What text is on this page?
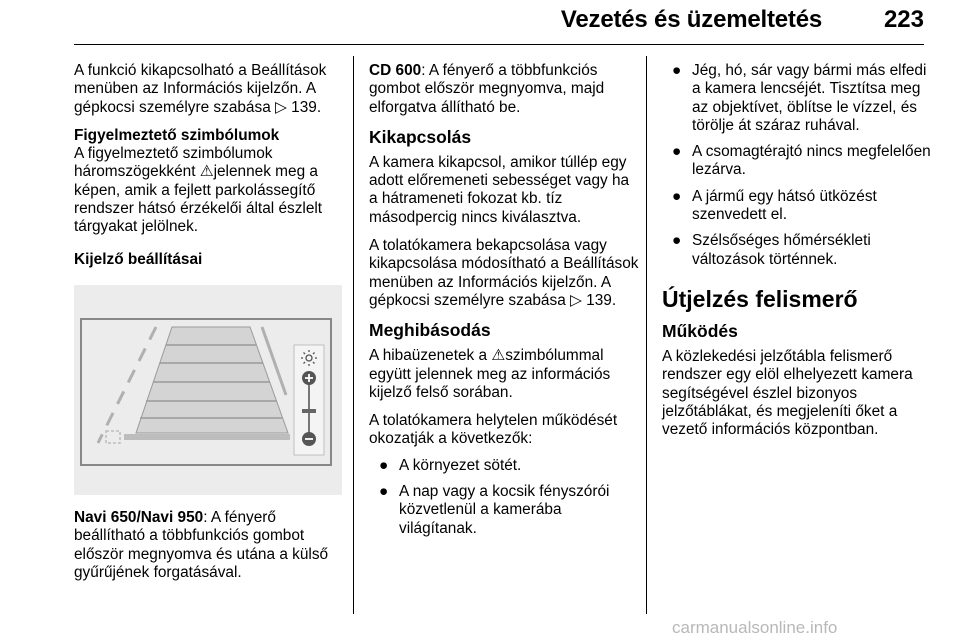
Vezetés és üzemeltetés	223

A funkció kikapcsolható a Beállítások menüben az Információs kijelzőn. A gépkocsi személyre szabása ▷ 139.

Figyelmeztető szimbólumok

A figyelmeztető szimbólumok háromszögekként ⚠jelennek meg a képen, amik a fejlett parkolássegítő rendszer hátsó érzékelői által észlelt tárgyakat jelölnek.

Kijelző beállításai

Navi 650/Navi 950: A fényerő beállítható a többfunkciós gombot először megnyomva és utána a külső gyűrűjének forgatásával.

CD 600: A fényerő a többfunkciós gombot először megnyomva, majd elforgatva állítható be.

Kikapcsolás

A kamera kikapcsol, amikor túllép egy adott előremeneti sebességet vagy ha a hátrameneti fokozat kb. tíz másodpercig nincs kiválasztva.

A tolatókamera bekapcsolása vagy kikapcsolása módosítható a Beállítások menüben az Információs kijelzőn. A gépkocsi személyre szabása ▷ 139.

Meghibásodás

A hibaüzenetek a ⚠szimbólummal együtt jelennek meg az információs kijelző felső sorában.

A tolatókamera helytelen működését okozatják a következők:

● A környezet sötét.
● A nap vagy a kocsik fényszórói közvetlenül a kamerába világítanak.
● Jég, hó, sár vagy bármi más elfedi a kamera lencséjét. Tisztítsa meg az objektívet, öblítse le vízzel, és törölje át száraz ruhával.
● A csomagtérajtó nincs megfelelően lezárva.
● A jármű egy hátsó ütközést szenvedett el.
● Szélsőséges hőmérsékleti változások történnek.
Útjelzés felismerő
Működés

A közlekedési jelzőtábla felismerő rendszer egy elöl elhelyezett kamera segítségével észlel bizonyos jelzőtáblákat, és megjeleníti őket a vezető információs központban.

carmanualsonline.info
